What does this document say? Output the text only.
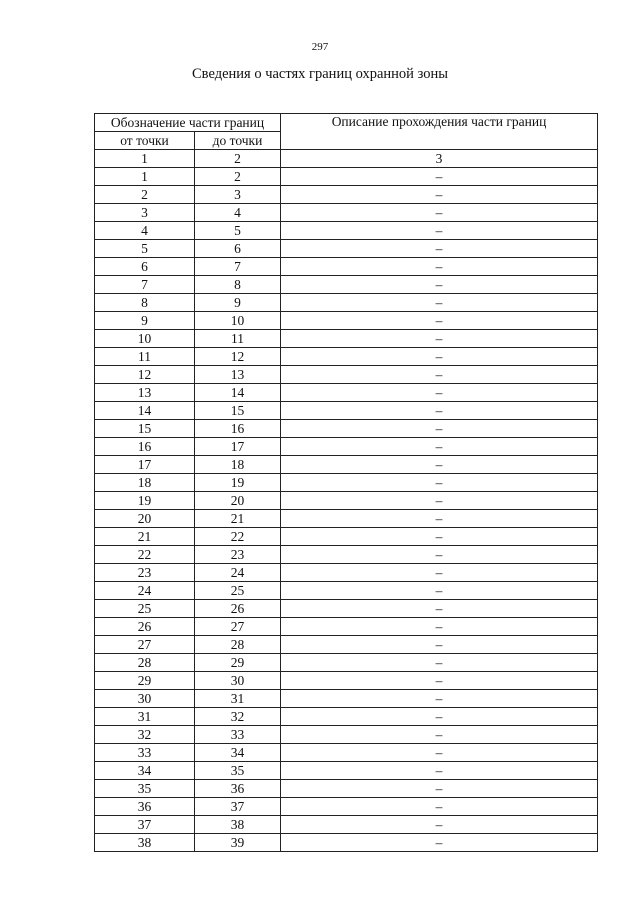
297
Сведения о частях границ охранной зоны
Обозначение части границ		Описание прохождения части границ
от точки	до точки	
1	2	3
1	2	–
2	3	–
3	4	–
4	5	–
5	6	–
6	7	–
7	8	–
8	9	–
9	10	–
10	11	–
11	12	–
12	13	–
13	14	–
14	15	–
15	16	–
16	17	–
17	18	–
18	19	–
19	20	–
20	21	–
21	22	–
22	23	–
23	24	–
24	25	–
25	26	–
26	27	–
27	28	–
28	29	–
29	30	–
30	31	–
31	32	–
32	33	–
33	34	–
34	35	–
35	36	–
36	37	–
37	38	–
38	39	–
